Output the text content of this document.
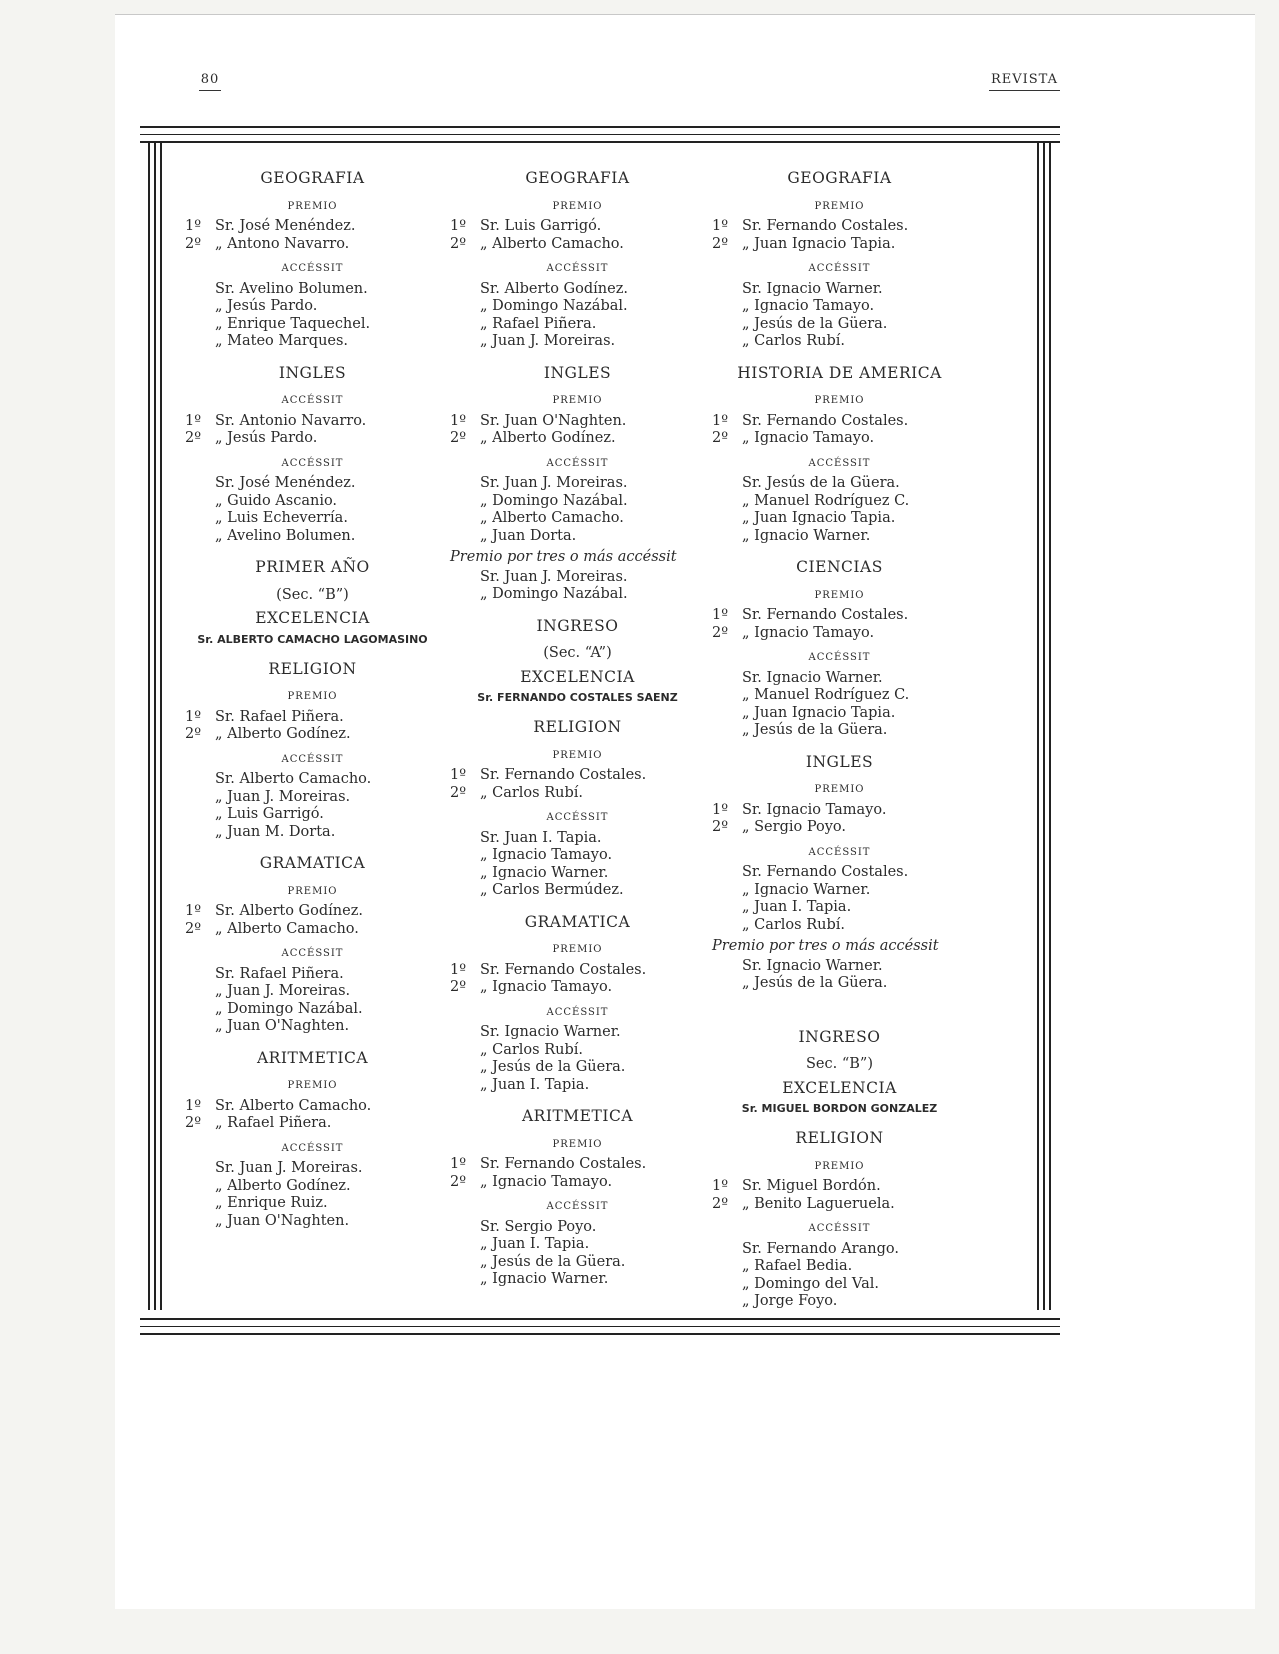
80	REVISTA
GEOGRAFIA
PREMIO
1º Sr. José Menéndez.
2º „ Antono Navarro.
ACCÉSSIT
Sr. Avelino Bolumen.
„ Jesús Pardo.
„ Enrique Taquechel.
„ Mateo Marques.
INGLES
ACCÉSSIT
1º Sr. Antonio Navarro.
2º „ Jesús Pardo.
ACCÉSSIT
Sr. José Menéndez.
„ Guido Ascanio.
„ Luis Echeverría.
„ Avelino Bolumen.
PRIMER AÑO
(Sec. “B”)
EXCELENCIA
Sr. ALBERTO CAMACHO LAGOMASINO
RELIGION
PREMIO
1º Sr. Rafael Piñera.
2º „ Alberto Godínez.
ACCÉSSIT
Sr. Alberto Camacho.
„ Juan J. Moreiras.
„ Luis Garrigó.
„ Juan M. Dorta.
GRAMATICA
PREMIO
1º Sr. Alberto Godínez.
2º „ Alberto Camacho.
ACCÉSSIT
Sr. Rafael Piñera.
„ Juan J. Moreiras.
„ Domingo Nazábal.
„ Juan O'Naghten.
ARITMETICA
PREMIO
1º Sr. Alberto Camacho.
2º „ Rafael Piñera.
ACCÉSSIT
Sr. Juan J. Moreiras.
„ Alberto Godínez.
„ Enrique Ruiz.
„ Juan O'Naghten.
GEOGRAFIA
PREMIO
1º Sr. Luis Garrigó.
2º „ Alberto Camacho.
ACCÉSSIT
Sr. Alberto Godínez.
„ Domingo Nazábal.
„ Rafael Piñera.
„ Juan J. Moreiras.
INGLES
PREMIO
1º Sr. Juan O'Naghten.
2º „ Alberto Godínez.
ACCÉSSIT
Sr. Juan J. Moreiras.
„ Domingo Nazábal.
„ Alberto Camacho.
„ Juan Dorta.
Premio por tres o más accéssit
Sr. Juan J. Moreiras.
„ Domingo Nazábal.
INGRESO
(Sec. “A”)
EXCELENCIA
Sr. FERNANDO COSTALES SAENZ
RELIGION
PREMIO
1º Sr. Fernando Costales.
2º „ Carlos Rubí.
ACCÉSSIT
Sr. Juan I. Tapia.
„ Ignacio Tamayo.
„ Ignacio Warner.
„ Carlos Bermúdez.
GRAMATICA
PREMIO
1º Sr. Fernando Costales.
2º „ Ignacio Tamayo.
ACCÉSSIT
Sr. Ignacio Warner.
„ Carlos Rubí.
„ Jesús de la Güera.
„ Juan I. Tapia.
ARITMETICA
PREMIO
1º Sr. Fernando Costales.
2º „ Ignacio Tamayo.
ACCÉSSIT
Sr. Sergio Poyo.
„ Juan I. Tapia.
„ Jesús de la Güera.
„ Ignacio Warner.
GEOGRAFIA
PREMIO
1º Sr. Fernando Costales.
2º „ Juan Ignacio Tapia.
ACCÉSSIT
Sr. Ignacio Warner.
„ Ignacio Tamayo.
„ Jesús de la Güera.
„ Carlos Rubí.
HISTORIA DE AMERICA
PREMIO
1º Sr. Fernando Costales.
2º „ Ignacio Tamayo.
ACCÉSSIT
Sr. Jesús de la Güera.
„ Manuel Rodríguez C.
„ Juan Ignacio Tapia.
„ Ignacio Warner.
CIENCIAS
PREMIO
1º Sr. Fernando Costales.
2º „ Ignacio Tamayo.
ACCÉSSIT
Sr. Ignacio Warner.
„ Manuel Rodríguez C.
„ Juan Ignacio Tapia.
„ Jesús de la Güera.
INGLES
PREMIO
1º Sr. Ignacio Tamayo.
2º „ Sergio Poyo.
ACCÉSSIT
Sr. Fernando Costales.
„ Ignacio Warner.
„ Juan I. Tapia.
„ Carlos Rubí.
Premio por tres o más accéssit
Sr. Ignacio Warner.
„ Jesús de la Güera.
INGRESO
Sec. “B”)
EXCELENCIA
Sr. MIGUEL BORDON GONZALEZ
RELIGION
PREMIO
1º Sr. Miguel Bordón.
2º „ Benito Lagueruela.
ACCÉSSIT
Sr. Fernando Arango.
„ Rafael Bedia.
„ Domingo del Val.
„ Jorge Foyo.
